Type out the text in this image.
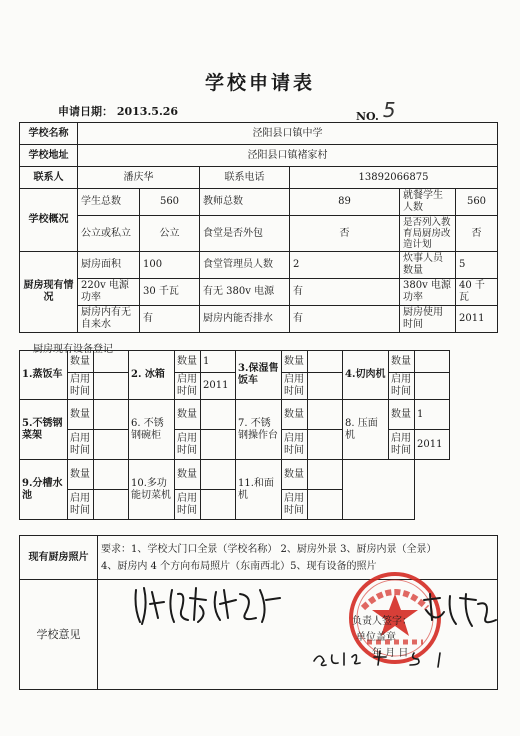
学校申请表
申请日期： 2013.5.26	NO. 5
学校名称	泾阳县口镇中学					
学校地址	泾阳县口镇褚家村					
联系人	潘庆华		联系电话	13892066875		
学校概况	学生总数	560	教师总数	89	就餐学生人数	560
	公立或私立	公立	食堂是否外包	否	是否列入教育局厨房改造计划	否
厨房现有情况	厨房面积	100	食堂管理员人数	2	炊事人员数量	5
	220v 电源功率	30 千瓦	有无 380v 电源	有	380v 电源功率	40 千瓦
	厨房内有无自来水	有	厨房内能否排水	有	厨房使用时间	2011
厨房现有设备登记
1.蒸饭车	数量		2. 冰箱	数量	1	3.保湿售饭车	数量		4.切肉机	数量	
	启用时间			启用时间	2011		启用时间			启用时间	
5.不锈钢菜架	数量		6. 不锈钢碗柜	数量		7. 不锈钢操作台	数量		8. 压面机	数量	1
	启用时间			启用时间			启用时间			启用时间	2011
9.分槽水池	数量		10.多功能切菜机	数量		11.和面机	数量				
	启用时间			启用时间			启用时间				
现有厨房照片	要求：1、学校大门口全景（学校名称） 2、厨房外景 3、厨房内景（全景）
4、厨房内 4 个方向布局照片（东南西北）5、现有设备的照片

学校意见	
负责人签字：
单位盖章
年 月 日
